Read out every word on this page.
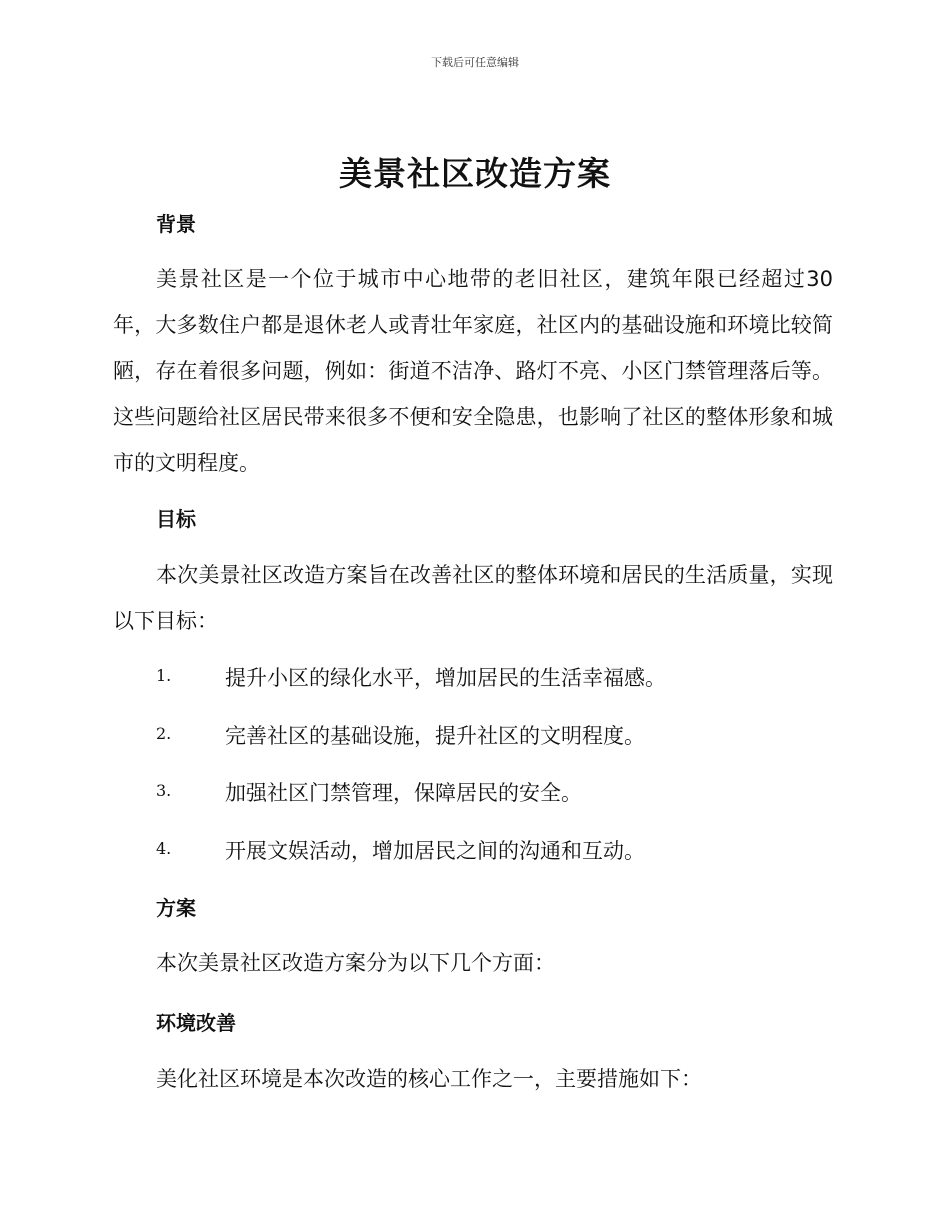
下载后可任意编辑
美景社区改造方案
背景

美景社区是一个位于城市中心地带的老旧社区，建筑年限已经超过30年，大多数住户都是退休老人或青壮年家庭，社区内的基础设施和环境比较简陋，存在着很多问题，例如：街道不洁净、路灯不亮、小区门禁管理落后等。这些问题给社区居民带来很多不便和安全隐患，也影响了社区的整体形象和城市的文明程度。

目标

本次美景社区改造方案旨在改善社区的整体环境和居民的生活质量，实现以下目标：

1.	提升小区的绿化水平，增加居民的生活幸福感。
2.	完善社区的基础设施，提升社区的文明程度。
3.	加强社区门禁管理，保障居民的安全。
4.	开展文娱活动，增加居民之间的沟通和互动。
方案

本次美景社区改造方案分为以下几个方面：

环境改善

美化社区环境是本次改造的核心工作之一，主要措施如下：
